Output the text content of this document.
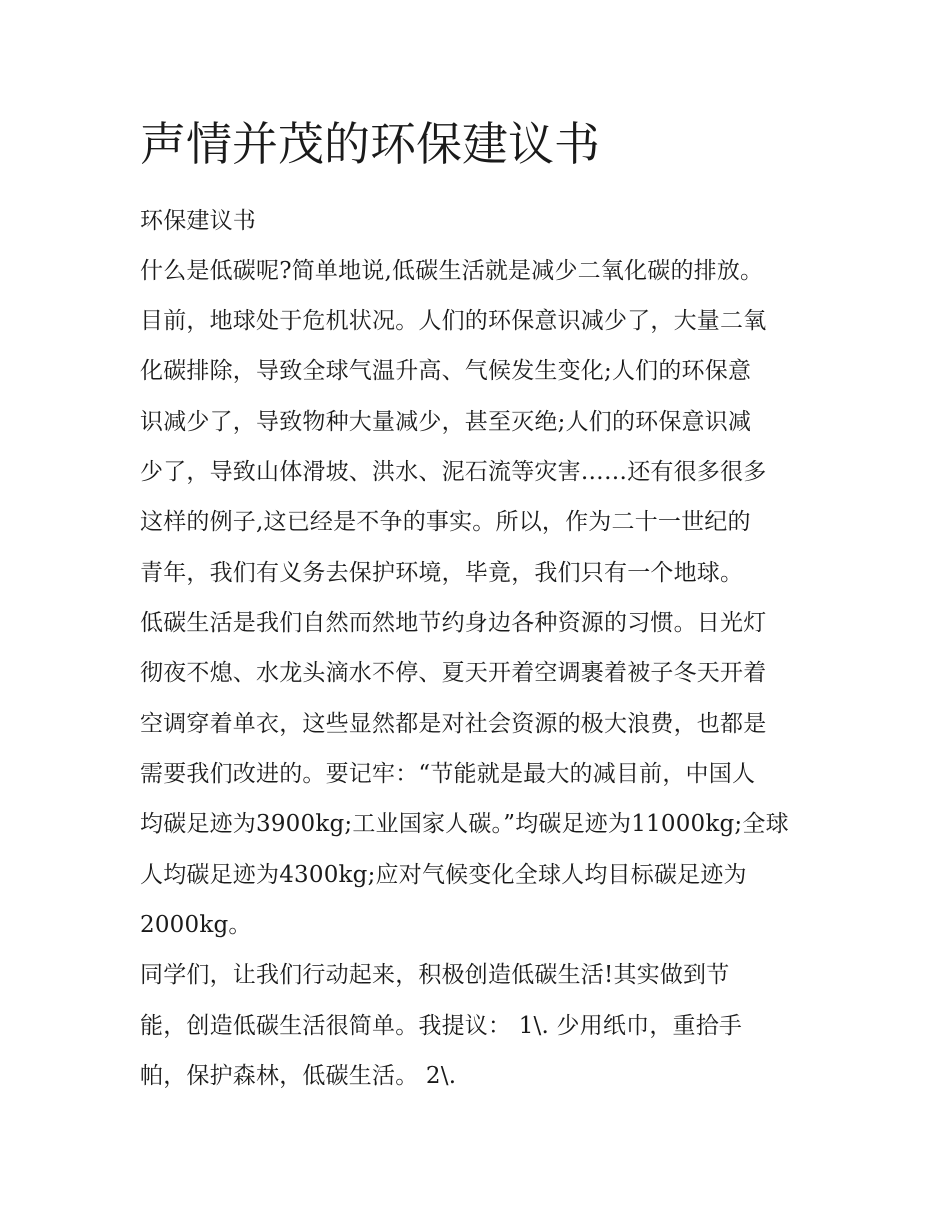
声情并茂的环保建议书
环保建议书
什么是低碳呢?简单地说,低碳生活就是减少二氧化碳的排放。
目前，地球处于危机状况。人们的环保意识减少了，大量二氧
化碳排除，导致全球气温升高、气候发生变化;人们的环保意
识减少了，导致物种大量减少，甚至灭绝;人们的环保意识减
少了，导致山体滑坡、洪水、泥石流等灾害……还有很多很多
这样的例子,这已经是不争的事实。所以，作为二十一世纪的
青年，我们有义务去保护环境，毕竟，我们只有一个地球。
低碳生活是我们自然而然地节约身边各种资源的习惯。日光灯
彻夜不熄、水龙头滴水不停、夏天开着空调裹着被子冬天开着
空调穿着单衣，这些显然都是对社会资源的极大浪费，也都是
需要我们改进的。要记牢：“节能就是最大的减目前，中国人
均碳足迹为3900kg;工业国家人碳。”均碳足迹为11000kg;全球
人均碳足迹为4300kg;应对气候变化全球人均目标碳足迹为
2000kg。
同学们，让我们行动起来，积极创造低碳生活!其实做到节
能，创造低碳生活很简单。我提议： 1\. 少用纸巾，重拾手
帕，保护森林，低碳生活。 2\.
